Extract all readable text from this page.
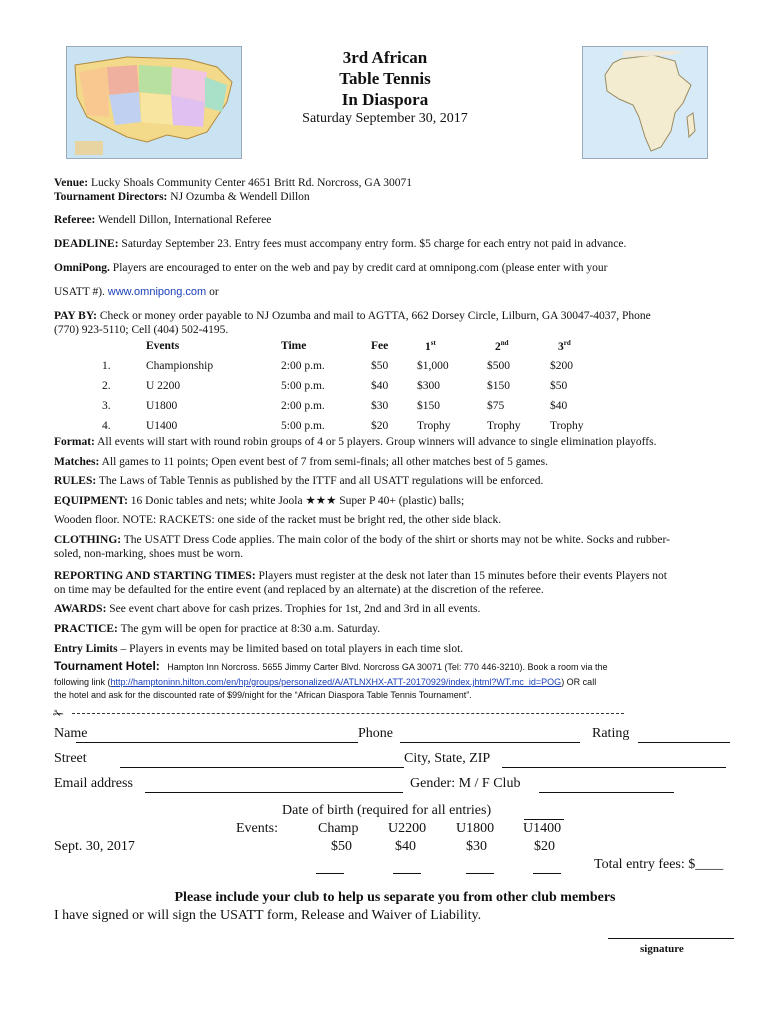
3rd African
Table Tennis
In Diaspora
Saturday September 30, 2017
Venue: Lucky Shoals Community Center 4651 Britt Rd. Norcross, GA 30071
Tournament Directors: NJ Ozumba & Wendell Dillon
Referee: Wendell Dillon, International Referee
DEADLINE: Saturday September 23. Entry fees must accompany entry form. $5 charge for each entry not paid in advance.
OmniPong. Players are encouraged to enter on the web and pay by credit card at omnipong.com (please enter with your
USATT #). www.omnipong.com or
PAY BY: Check or money order payable to NJ Ozumba and mail to AGTTA, 662 Dorsey Circle, Lilburn, GA 30047-4037, Phone
(770) 923-5110; Cell (404) 502-4195.
	Events	Time	Fee	1st	2nd	3rd
1.	Championship	2:00 p.m.	$50	$1,000	$500	$200
2.	U 2200	5:00 p.m.	$40	$300	$150	$50
3.	U1800	2:00 p.m.	$30	$150	$75	$40
4.	U1400	5:00 p.m.	$20	Trophy	Trophy	Trophy
Format: All events will start with round robin groups of 4 or 5 players. Group winners will advance to single elimination playoffs.
Matches: All games to 11 points; Open event best of 7 from semi-finals; all other matches best of 5 games.
RULES: The Laws of Table Tennis as published by the ITTF and all USATT regulations will be enforced.
EQUIPMENT: 16 Donic tables and nets; white Joola ★★★ Super P 40+ (plastic) balls;
Wooden floor. NOTE: RACKETS: one side of the racket must be bright red, the other side black.
CLOTHING: The USATT Dress Code applies. The main color of the body of the shirt or shorts may not be white. Socks and rubber-
soled, non-marking, shoes must be worn.
REPORTING AND STARTING TIMES: Players must register at the desk not later than 15 minutes before their events Players not
on time may be defaulted for the entire event (and replaced by an alternate) at the discretion of the referee.
AWARDS: See event chart above for cash prizes. Trophies for 1st, 2nd and 3rd in all events.
PRACTICE: The gym will be open for practice at 8:30 a.m. Saturday.
Entry Limits – Players in events may be limited based on total players in each time slot.
Tournament Hotel: Hampton Inn Norcross. 5655 Jimmy Carter Blvd. Norcross GA 30071 (Tel: 770 446-3210). Book a room via the
following link (http://hamptoninn.hilton.com/en/hp/groups/personalized/A/ATLNXHX-ATT-20170929/index.jhtml?WT.mc_id=POG) OR call
the hotel and ask for the discounted rate of $99/night for the “African Diaspora Table Tennis Tournament”.
✁
Name	Phone	Rating
Street	City, State, ZIP
Email address	Gender: M / F Club
Date of birth (required for all entries)
Events:	Champ U2200 U1800 U1400
Sept. 30, 2017	$50	$40	$30	$20
Total entry fees: $____
Please include your club to help us separate you from other club members
I have signed or will sign the USATT form, Release and Waiver of Liability.
signature
